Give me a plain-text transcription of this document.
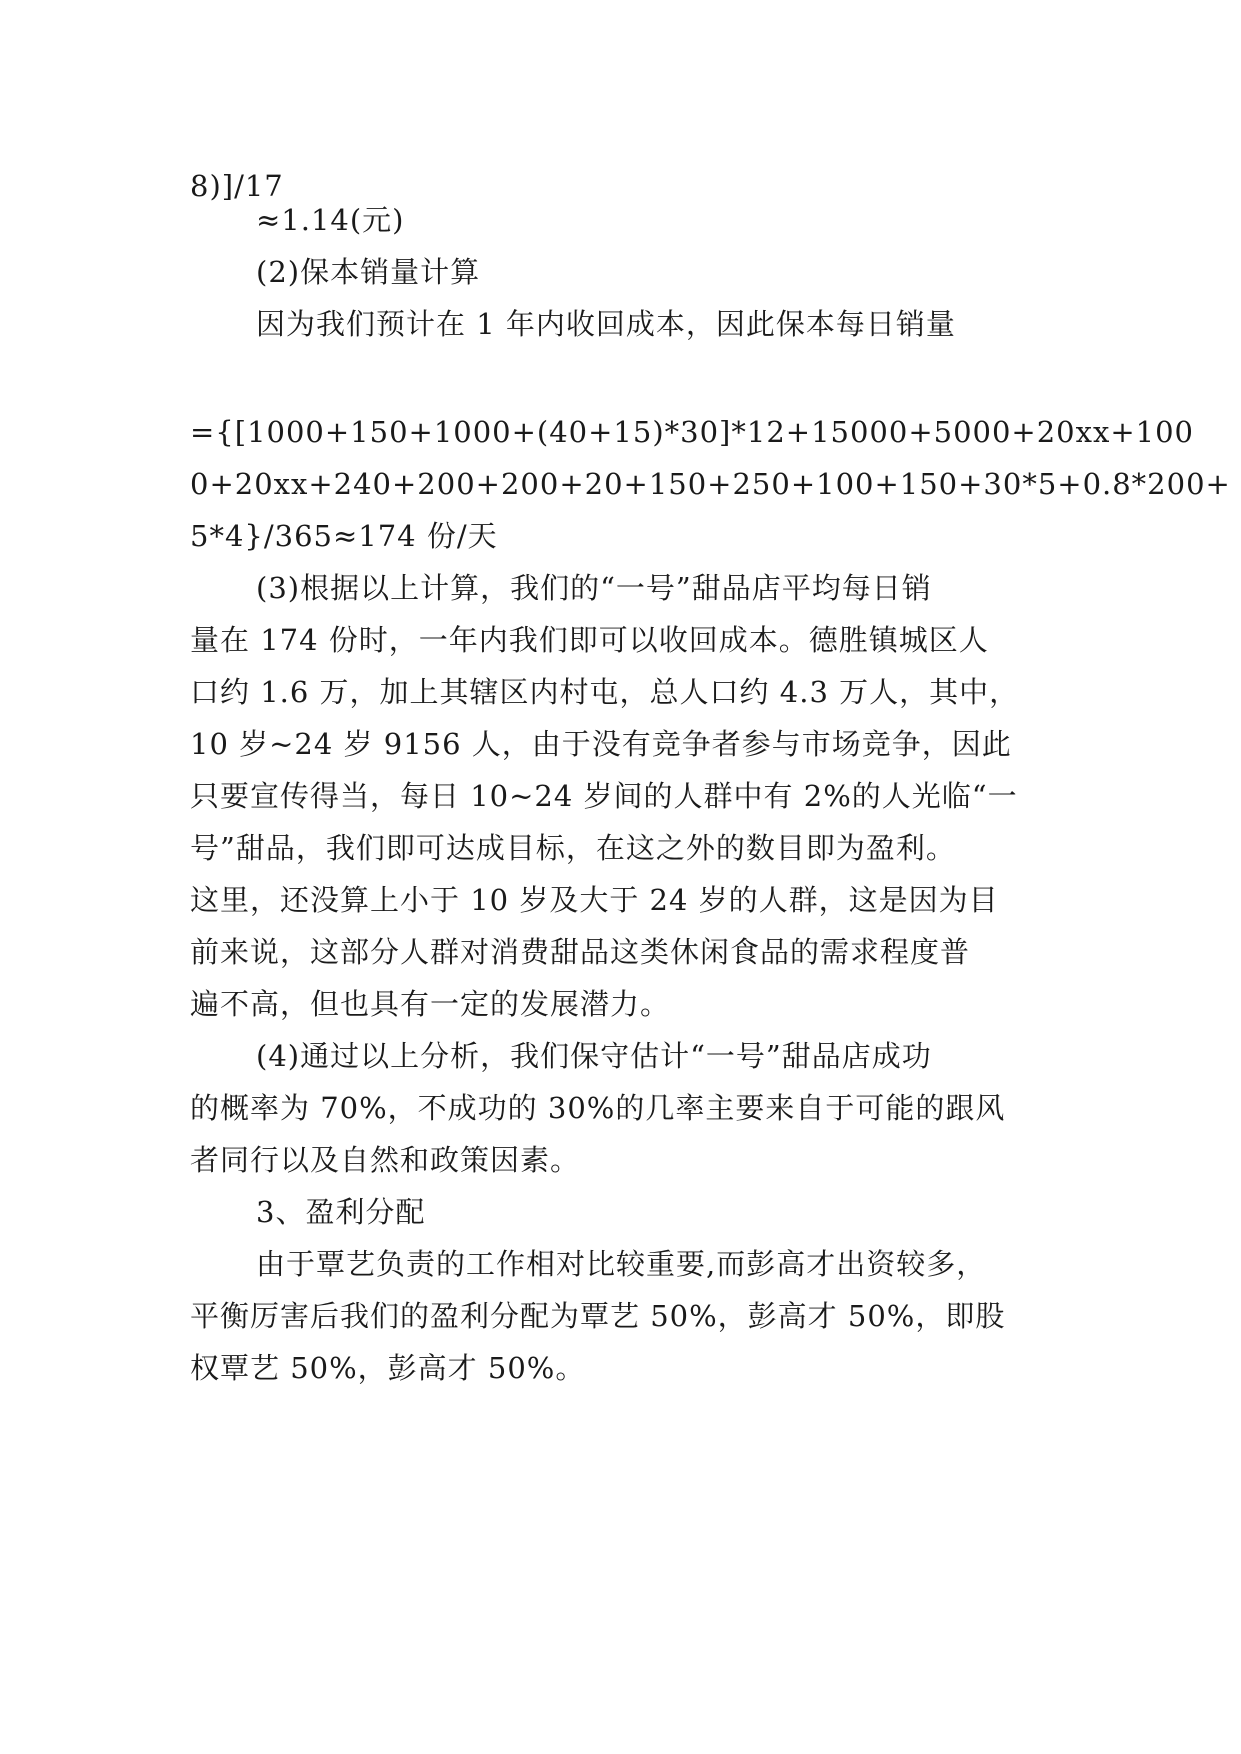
8)]/17
≈1.14(元)
(2)保本销量计算
因为我们预计在 1 年内收回成本，因此保本每日销量
={[1000+150+1000+(40+15)*30]*12+15000+5000+20xx+100
0+20xx+240+200+200+20+150+250+100+150+30*5+0.8*200+
5*4}/365≈174 份/天
(3)根据以上计算，我们的“一号”甜品店平均每日销
量在 174 份时，一年内我们即可以收回成本。德胜镇城区人
口约 1.6 万，加上其辖区内村屯，总人口约 4.3 万人，其中，
10 岁~24 岁 9156 人，由于没有竞争者参与市场竞争，因此
只要宣传得当，每日 10~24 岁间的人群中有 2%的人光临“一
号”甜品，我们即可达成目标，在这之外的数目即为盈利。
这里，还没算上小于 10 岁及大于 24 岁的人群，这是因为目
前来说，这部分人群对消费甜品这类休闲食品的需求程度普
遍不高，但也具有一定的发展潜力。
(4)通过以上分析，我们保守估计“一号”甜品店成功
的概率为 70%，不成功的 30%的几率主要来自于可能的跟风
者同行以及自然和政策因素。
3、盈利分配
由于覃艺负责的工作相对比较重要,而彭高才出资较多，
平衡厉害后我们的盈利分配为覃艺 50%，彭高才 50%，即股
权覃艺 50%，彭高才 50%。
